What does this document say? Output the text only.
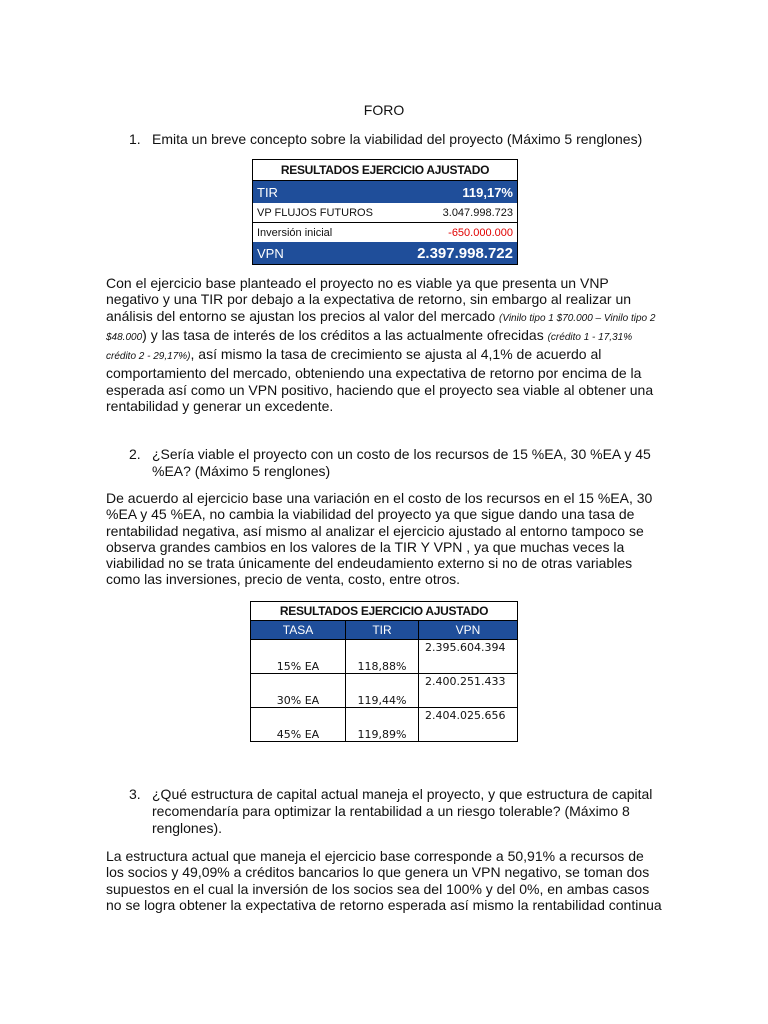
FORO
1. Emita un breve concepto sobre la viabilidad del proyecto (Máximo 5 renglones)
RESULTADOS EJERCICIO AJUSTADO	
TIR	119,17%
VP FLUJOS FUTUROS	3.047.998.723
Inversión inicial	-650.000.000
VPN	2.397.998.722
Con el ejercicio base planteado el proyecto no es viable ya que presenta un VNP negativo y una TIR por debajo a la expectativa de retorno, sin embargo al realizar un análisis del entorno se ajustan los precios al valor del mercado (Vinilo tipo 1 $70.000 – Vinilo tipo 2 $48.000) y las tasa de interés de los créditos a las actualmente ofrecidas (crédito 1 - 17,31% crédito 2 - 29,17%), así mismo la tasa de crecimiento se ajusta al 4,1% de acuerdo al comportamiento del mercado, obteniendo una expectativa de retorno por encima de la esperada así como un VPN positivo, haciendo que el proyecto sea viable al obtener una rentabilidad y generar un excedente.
2. ¿Sería viable el proyecto con un costo de los recursos de 15 %EA, 30 %EA y 45 %EA? (Máximo 5 renglones)
De acuerdo al ejercicio base una variación en el costo de los recursos en el 15 %EA, 30 %EA y 45 %EA, no cambia la viabilidad del proyecto ya que sigue dando una tasa de rentabilidad negativa, así mismo al analizar el ejercicio ajustado al entorno tampoco se observa grandes cambios en los valores de la TIR Y VPN , ya que muchas veces la viabilidad no se trata únicamente del endeudamiento externo si no de otras variables como las inversiones, precio de venta, costo, entre otros.
RESULTADOS EJERCICIO AJUSTADO		
TASA	TIR	VPN
15% EA	118,88%	2.395.604.394
30% EA	119,44%	2.400.251.433
45% EA	119,89%	2.404.025.656
3. ¿Qué estructura de capital actual maneja el proyecto, y que estructura de capital recomendaría para optimizar la rentabilidad a un riesgo tolerable? (Máximo 8 renglones).
La estructura actual que maneja el ejercicio base corresponde a 50,91% a recursos de los socios y 49,09% a créditos bancarios lo que genera un VPN negativo, se toman dos supuestos en el cual la inversión de los socios sea del 100% y del 0%, en ambas casos no se logra obtener la expectativa de retorno esperada así mismo la rentabilidad continua
